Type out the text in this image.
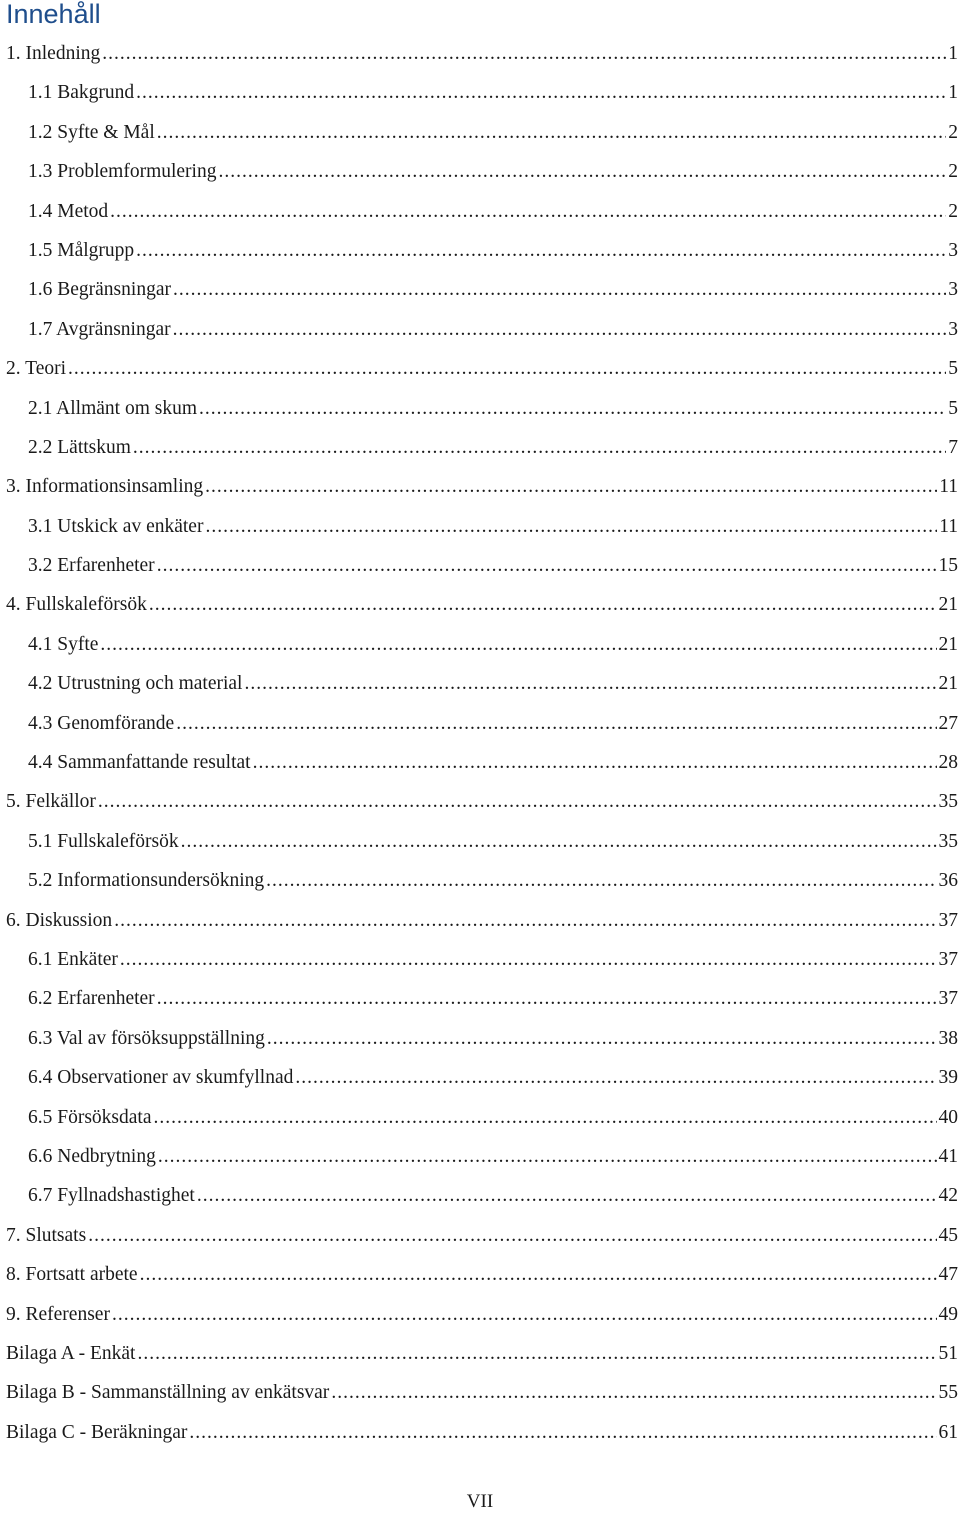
Innehåll
1. Inledning .....	1
1.1 Bakgrund .....	1
1.2 Syfte & Mål .....	2
1.3 Problemformulering .....	2
1.4 Metod .....	2
1.5 Målgrupp .....	3
1.6 Begränsningar .....	3
1.7 Avgränsningar .....	3
2. Teori .....	5
2.1 Allmänt om skum .....	5
2.2 Lättskum .....	7
3. Informationsinsamling .....	11
3.1 Utskick av enkäter .....	11
3.2 Erfarenheter .....	15
4. Fullskaleförsök .....	21
4.1 Syfte .....	21
4.2 Utrustning och material .....	21
4.3 Genomförande .....	27
4.4 Sammanfattande resultat .....	28
5. Felkällor .....	35
5.1 Fullskaleförsök .....	35
5.2 Informationsundersökning .....	36
6. Diskussion .....	37
6.1 Enkäter .....	37
6.2 Erfarenheter .....	37
6.3 Val av försöksuppställning .....	38
6.4 Observationer av skumfyllnad .....	39
6.5 Försöksdata .....	40
6.6 Nedbrytning .....	41
6.7 Fyllnadshastighet .....	42
7. Slutsats .....	45
8. Fortsatt arbete .....	47
9. Referenser .....	49
Bilaga A - Enkät .....	51
Bilaga B - Sammanställning av enkätsvar .....	55
Bilaga C - Beräkningar .....	61
VII
